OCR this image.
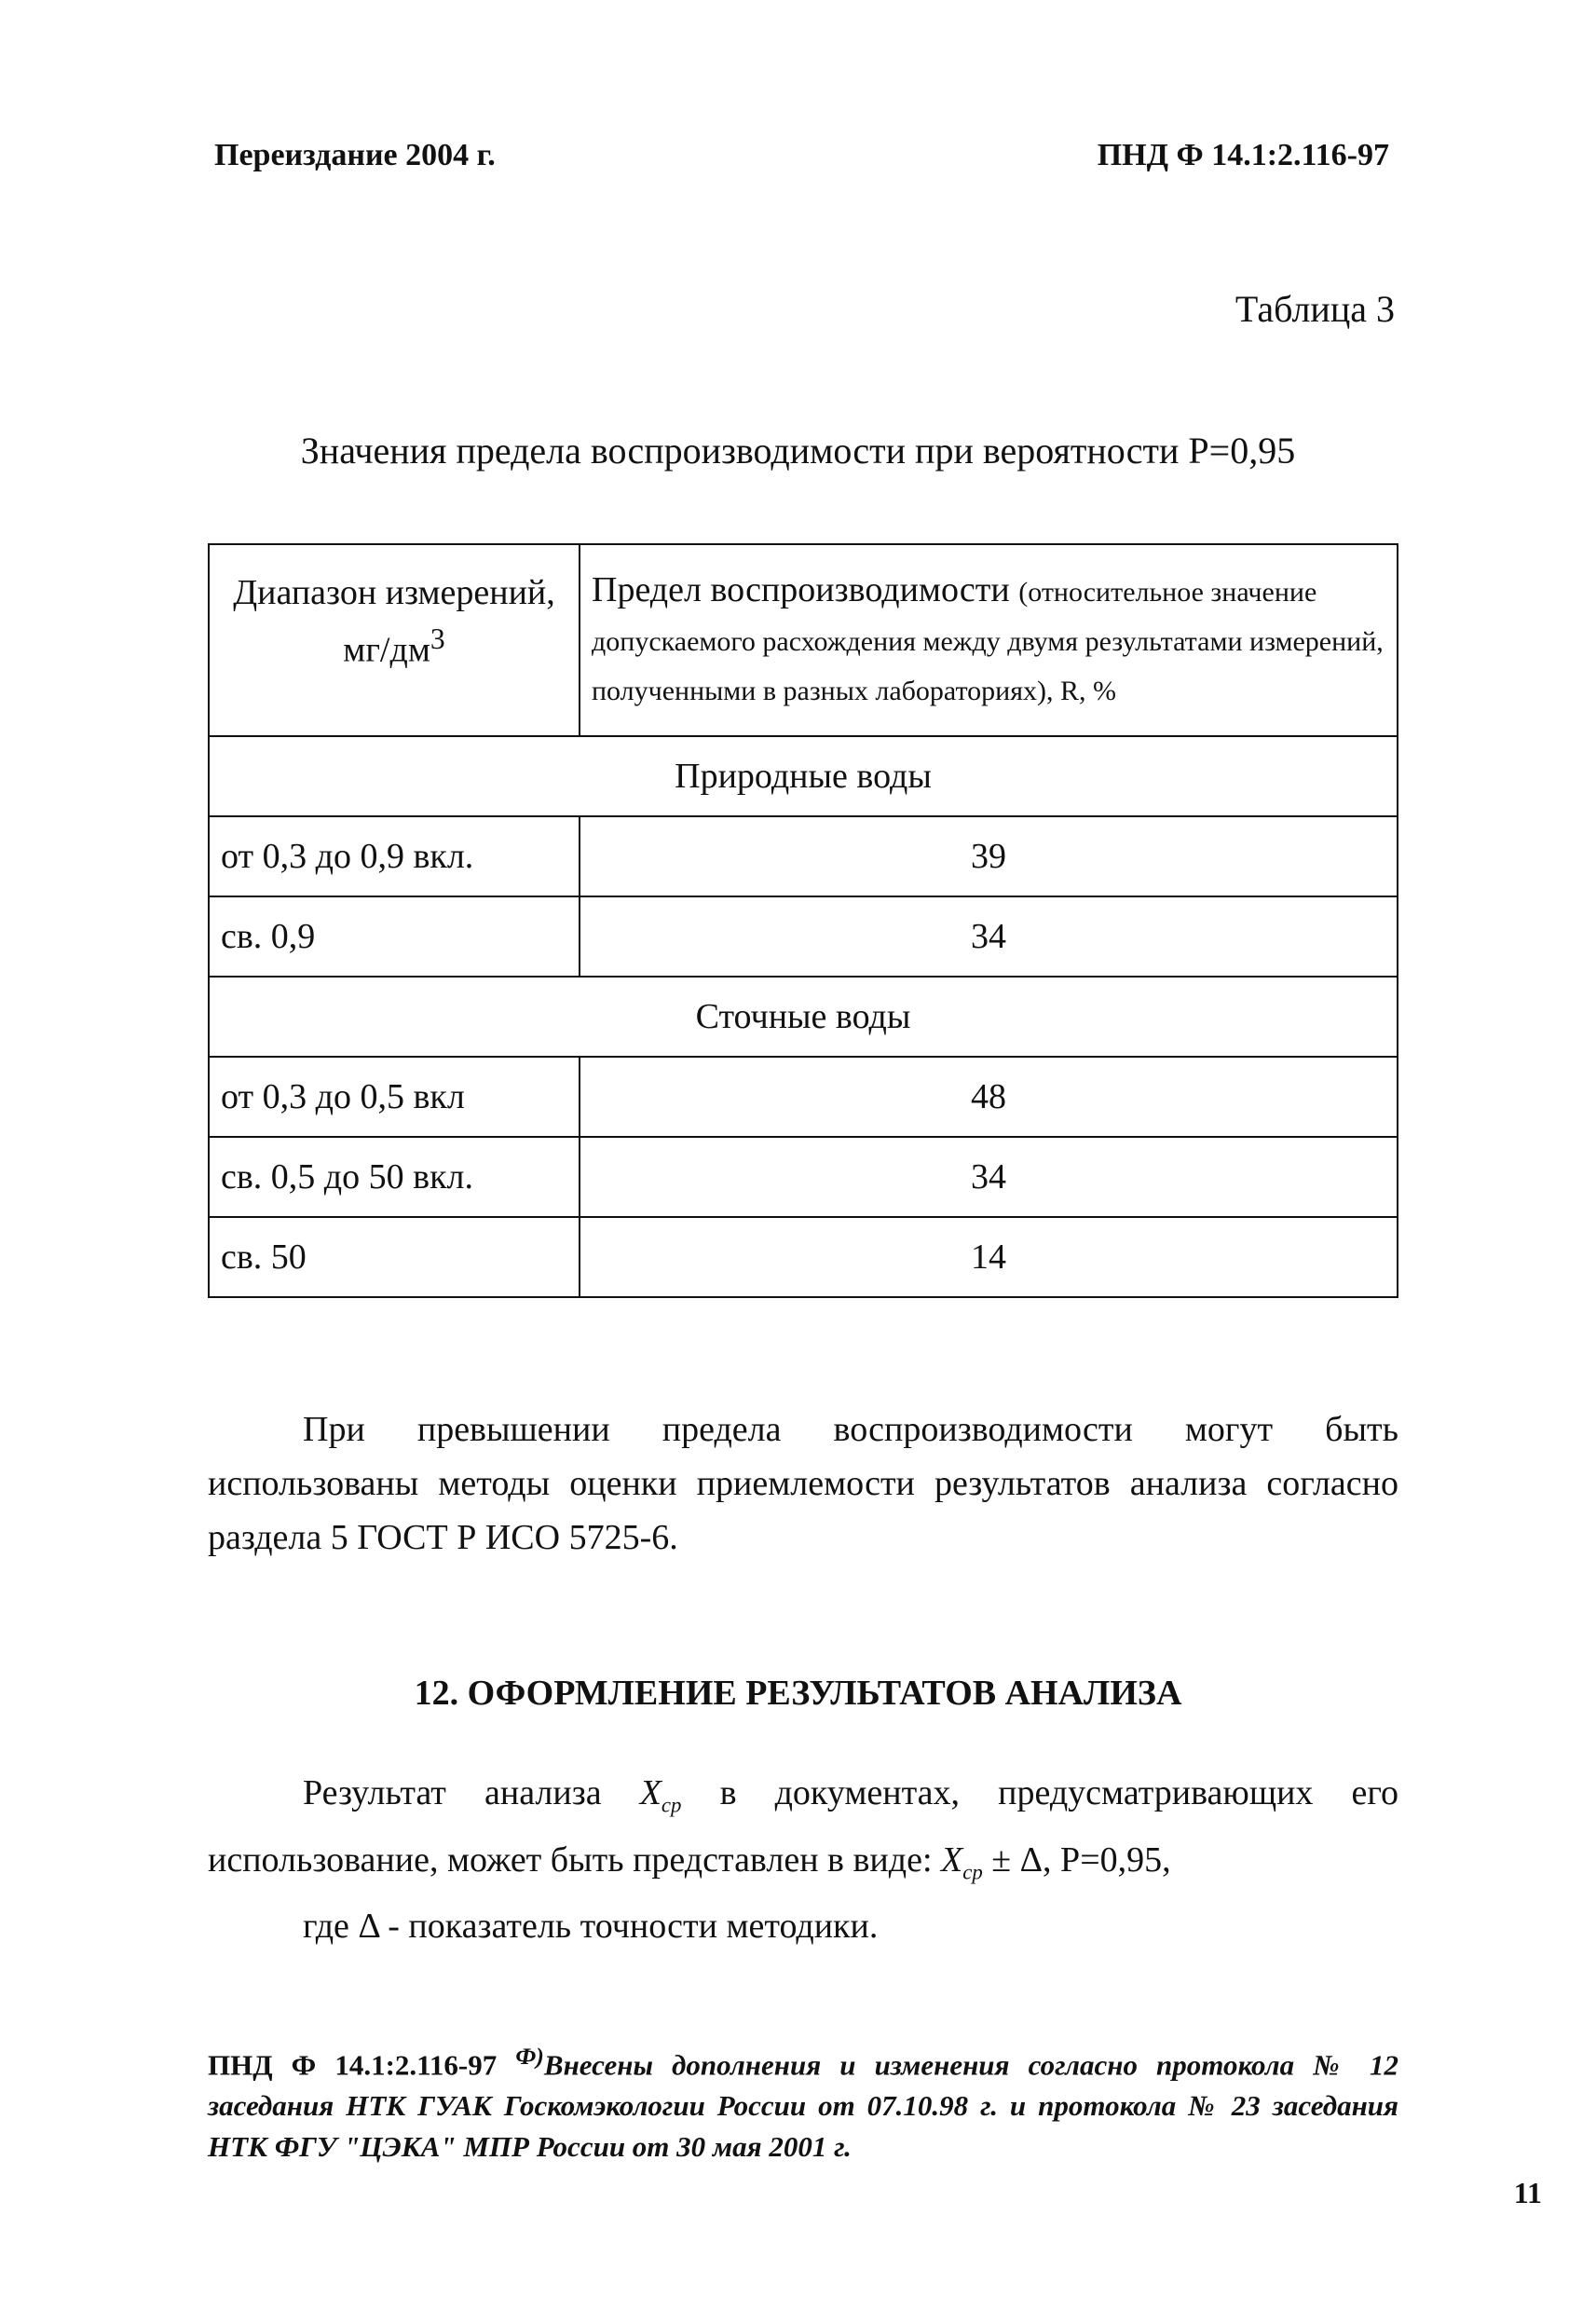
Переиздание 2004 г.	ПНД Ф 14.1:2.116-97
Таблица 3
Значения предела воспроизводимости при вероятности Р=0,95
Диапазон измерений, $мг/дм^3$	Предел воспроизводимости (относительное значение допускаемого расхождения между двумя результатами измерений, полученными в разных лабораториях), R, %
Природные воды	
от 0,3 до 0,9 вкл.	39
св. 0,9	34
Сточные воды	
от 0,3 до 0,5 вкл	48
св. 0,5 до 50 вкл.	34
св. 50	14
При превышении предела воспроизводимости могут быть использованы методы оценки приемлемости результатов анализа согласно раздела 5 ГОСТ Р ИСО 5725-6.
12. ОФОРМЛЕНИЕ РЕЗУЛЬТАТОВ АНАЛИЗА
Результат анализа $X_{ср}$ в документах, предусматривающих его использование, может быть представлен в виде: $X_{ср} \pm \Delta$, Р=0,95,
где Δ - показатель точности методики.
ПНД Ф 14.1:2.116-97 $^{Ф)}$Внесены дополнения и изменения согласно протокола № 12 заседания НТК ГУАК Госкомэкологии России от 07.10.98 г. и протокола № 23 заседания НТК ФГУ "ЦЭКА" МПР России от 30 мая 2001 г.
11
